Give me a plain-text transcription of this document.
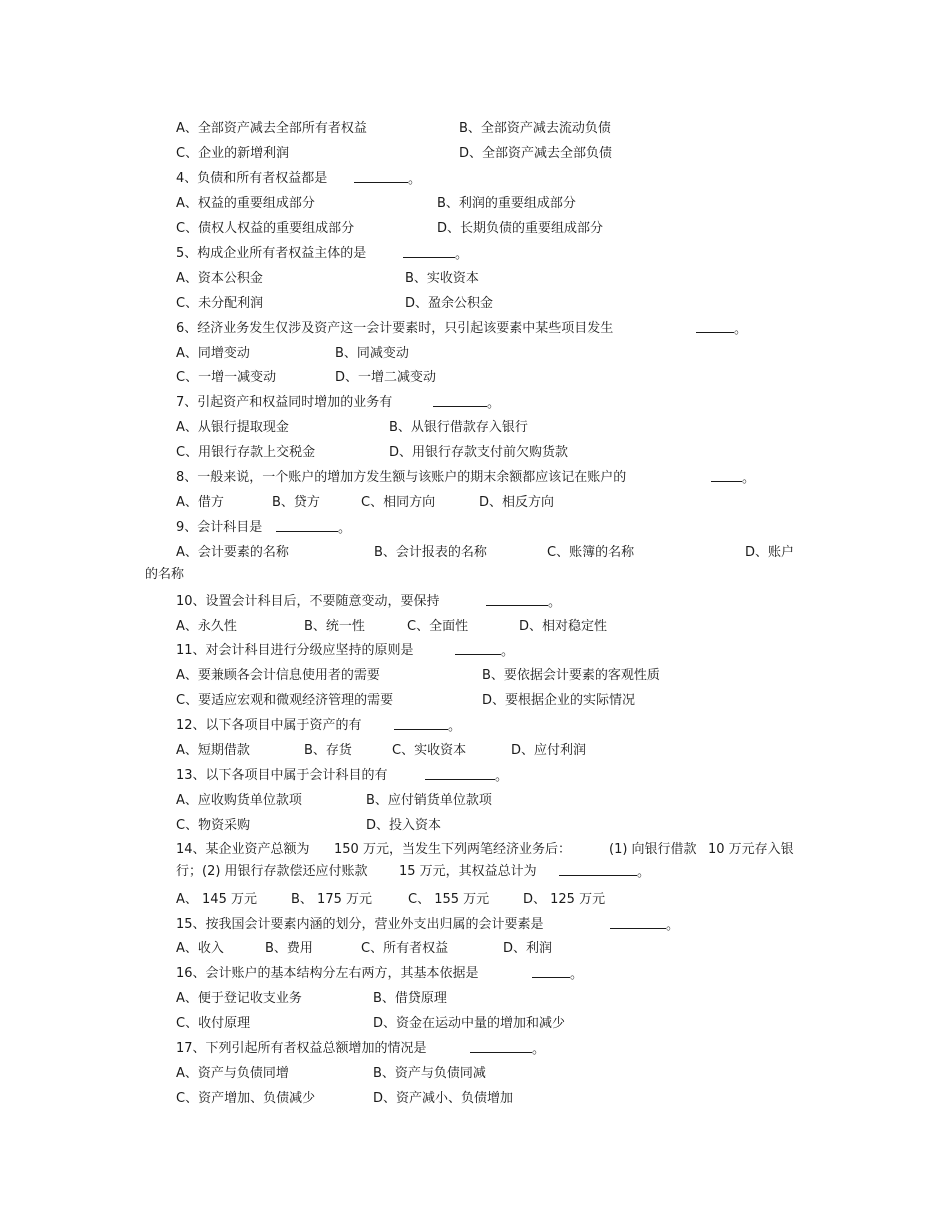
A、全部资产减去全部所有者权益	B、全部资产减去流动负债
C、企业的新增利润	D、全部资产减去全部负债
4、负债和所有者权益都是	。
A、权益的重要组成部分	B、利润的重要组成部分
C、债权人权益的重要组成部分	D、长期负债的重要组成部分
5、构成企业所有者权益主体的是	。
A、资本公积金	B、实收资本
C、未分配利润	D、盈余公积金
6、经济业务发生仅涉及资产这一会计要素时，只引起该要素中某些项目发生	。
A、同增变动	B、同减变动
C、一增一减变动	D、一增二减变动
7、引起资产和权益同时增加的业务有	。
A、从银行提取现金	B、从银行借款存入银行
C、用银行存款上交税金	D、用银行存款支付前欠购货款
8、一般来说，一个账户的增加方发生额与该账户的期末余额都应该记在账户的	。
A、借方	B、贷方	C、相同方向	D、相反方向
9、会计科目是	。
A、会计要素的名称	B、会计报表的名称	C、账簿的名称	D、账户
的名称
10、设置会计科目后，不要随意变动，要保持	。
A、永久性	B、统一性	C、全面性	D、相对稳定性
11、对会计科目进行分级应坚持的原则是	。
A、要兼顾各会计信息使用者的需要	B、要依据会计要素的客观性质
C、要适应宏观和微观经济管理的需要	D、要根据企业的实际情况
12、以下各项目中属于资产的有	。
A、短期借款	B、存货	C、实收资本	D、应付利润
13、以下各项目中属于会计科目的有	。
A、应收购货单位款项	B、应付销货单位款项
C、物资采购	D、投入资本
14、某企业资产总额为 150 万元，当发生下列两笔经济业务后：	(1) 向银行借款 10 万元存入银
行；(2) 用银行存款偿还应付账款 15 万元，其权益总计为	。
A、 145 万元	B、 175 万元	C、 155 万元	D、 125 万元
15、按我国会计要素内涵的划分，营业外支出归属的会计要素是	。
A、收入	B、费用	C、所有者权益	D、利润
16、会计账户的基本结构分左右两方，其基本依据是	。
A、便于登记收支业务	B、借贷原理
C、收付原理	D、资金在运动中量的增加和减少
17、下列引起所有者权益总额增加的情况是	。
A、资产与负债同增	B、资产与负债同减
C、资产增加、负债减少	D、资产减小、负债增加
